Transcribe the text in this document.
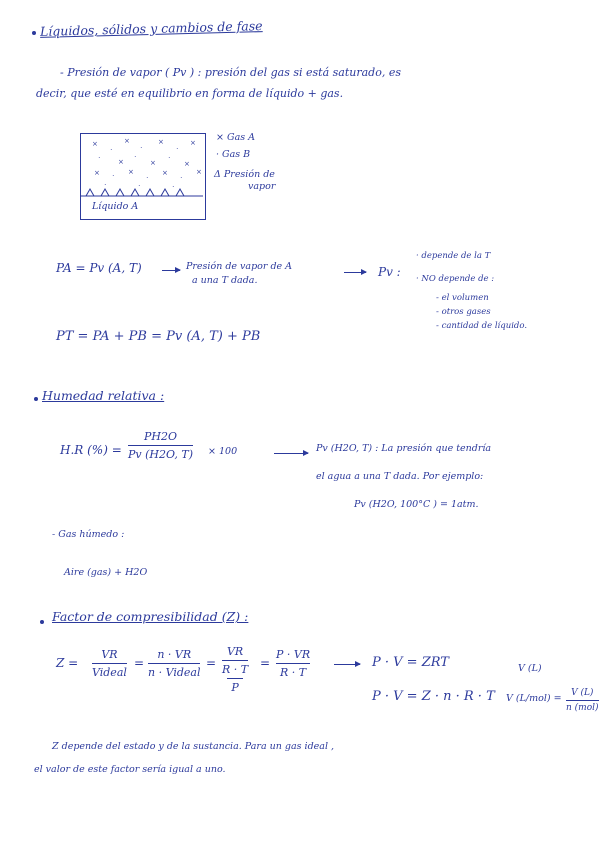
Líquidos, sólidos y cambios de fase
- Presión de vapor ( Pv ) : presión del gas si está saturado, es
decir, que esté en equilibrio en forma de líquido + gas.
×
·
×
·
×
·
×
·	×
·
×
·
×
× · ×
·
×
·
×
·	·	·
Líquido A
× Gas A
· Gas B
Δ Presión de
vapor
PA = Pv (A, T)	Presión de vapor de A
a una T dada.
Pv :
· depende de la T
· NO depende de :
- el volumen
- otros gases
- cantidad de líquido.
PT = PA + PB = Pv (A, T) + PB
Humedad relativa :
H.R (%) =
PH2O
Pv (H2O, T) × 100	Pv (H2O, T) : La presión que tendría
el agua a una T dada. Por ejemplo:
Pv (H2O, 100°C ) = 1atm.
- Gas húmedo :
Aire (gas) + H2O
Factor de compresibilidad (Z) :
Z =
VR
Videal
=
n · VR
n · Videal
=
VR
R · T
P
=
P · VR
R · T
P · V = ZRT
P · V = Z · n · R · T
V (L)
V (L/mol) = V (L)
n (mol)
Z depende del estado y de la sustancia. Para un gas ideal ,
el valor de este factor sería igual a uno.
